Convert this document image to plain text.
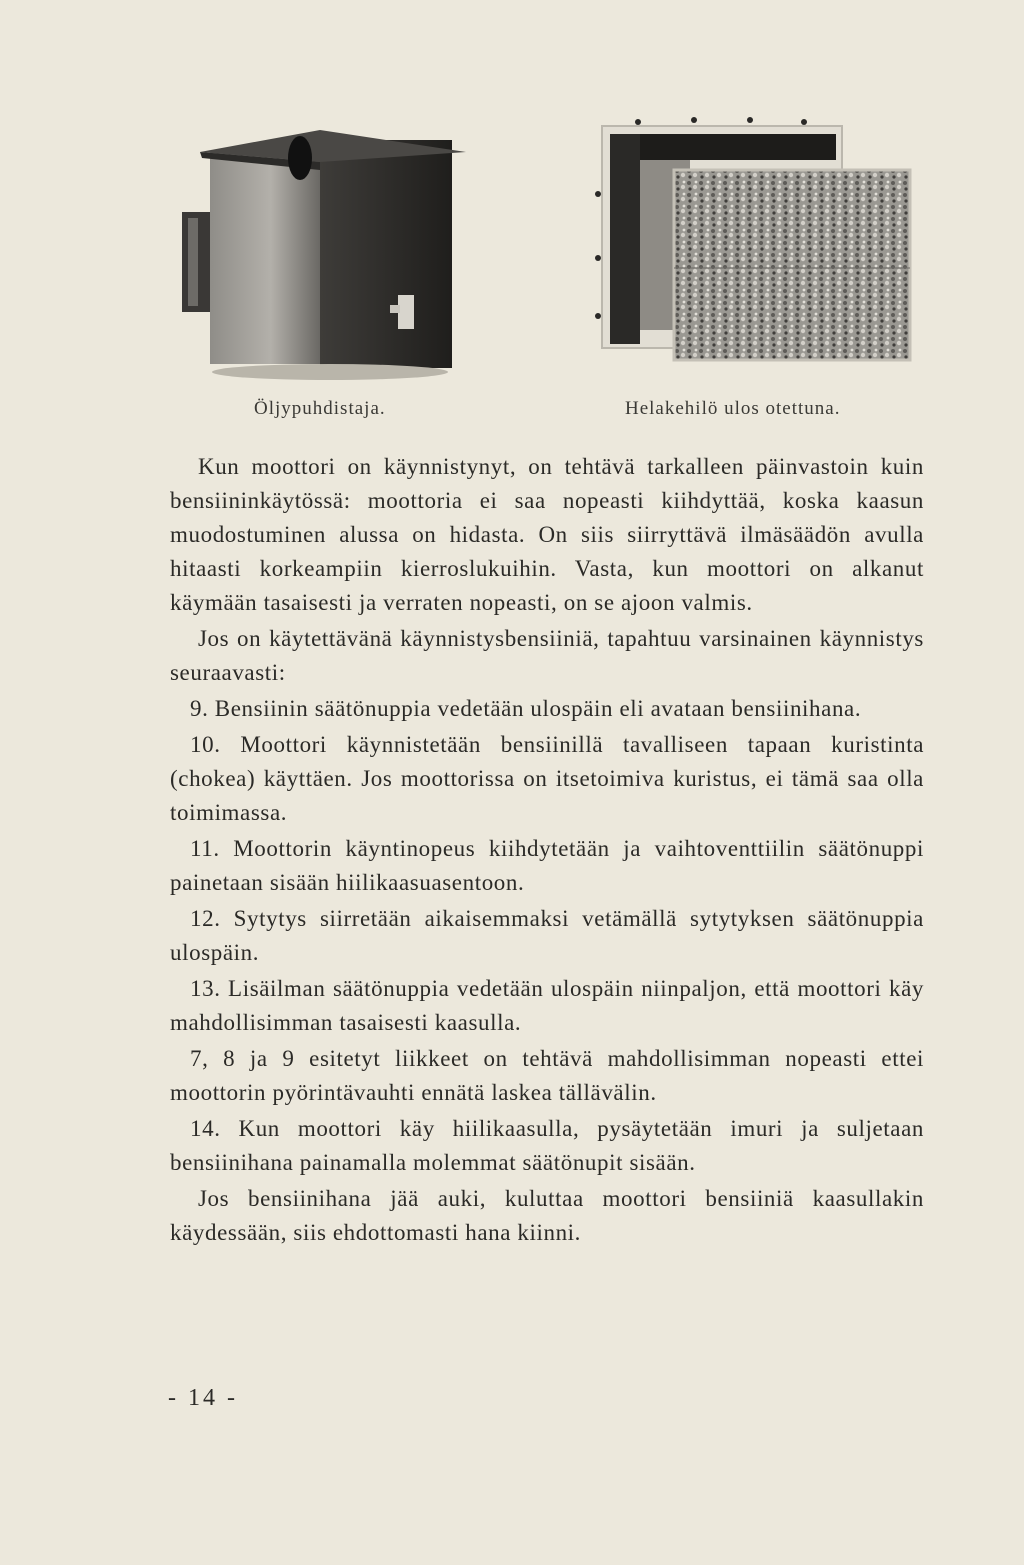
Öljypuhdistaja.	Helakehilö ulos otettuna.

Kun moottori on käynnistynyt, on tehtävä tarkalleen päinvastoin kuin bensiininkäytössä: moottoria ei saa nopeasti kiihdyttää, koska kaasun muodostuminen alussa on hidasta. On siis siirryttävä ilmäsäädön avulla hitaasti korkeampiin kierroslukuihin. Vasta, kun moottori on alkanut käymään tasaisesti ja verraten nopeasti, on se ajoon valmis.

Jos on käytettävänä käynnistysbensiiniä, tapahtuu varsinainen käynnistys seuraavasti:

9. Bensiinin säätönuppia vedetään ulospäin eli avataan bensiinihana.

10. Moottori käynnistetään bensiinillä tavalliseen tapaan kuristinta (chokea) käyttäen. Jos moottorissa on itsetoimiva kuristus, ei tämä saa olla toimimassa.

11. Moottorin käyntinopeus kiihdytetään ja vaihtoventtiilin säätönuppi painetaan sisään hiilikaasuasentoon.

12. Sytytys siirretään aikaisemmaksi vetämällä sytytyksen säätönuppia ulospäin.

13. Lisäilman säätönuppia vedetään ulospäin niinpaljon, että moottori käy mahdollisimman tasaisesti kaasulla.

7, 8 ja 9 esitetyt liikkeet on tehtävä mahdollisimman nopeasti ettei moottorin pyörintävauhti ennätä laskea tällävälin.

14. Kun moottori käy hiilikaasulla, pysäytetään imuri ja suljetaan bensiinihana painamalla molemmat säätönupit sisään.

Jos bensiinihana jää auki, kuluttaa moottori bensiiniä kaasullakin käydessään, siis ehdottomasti hana kiinni.

- 14 -
